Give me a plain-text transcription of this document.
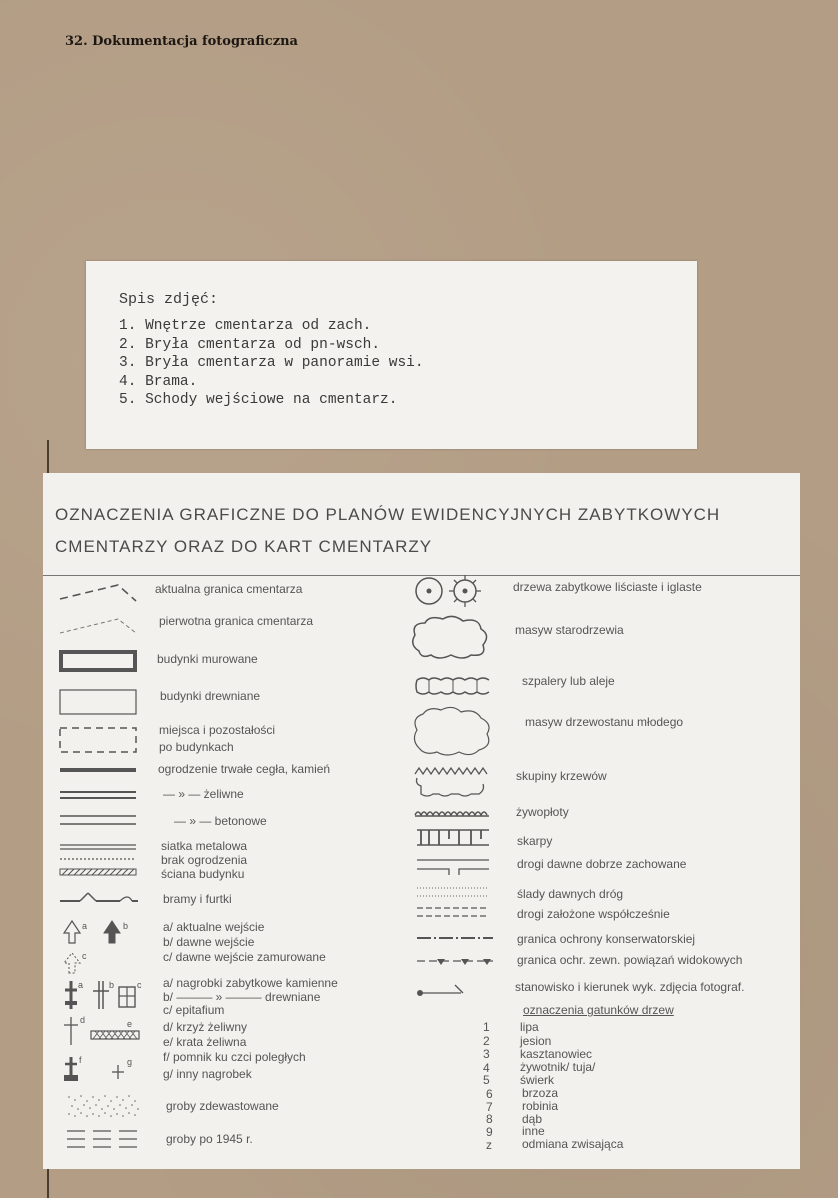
32. Dokumentacja fotograficzna
Spis zdjęć:
1. Wnętrze cmentarza od zach.
2. Bryła cmentarza od pn-wsch.
3. Bryła cmentarza w panoramie wsi.
4. Brama.
5. Schody wejściowe na cmentarz.
OZNACZENIA GRAFICZNE DO PLANÓW EWIDENCYJNYCH ZABYTKOWYCH
CMENTARZY ORAZ DO KART CMENTARZY
a	b
c
a	b	c
d	e
f	g
aktualna granica cmentarza
pierwotna granica cmentarza
budynki murowane
budynki drewniane
miejsca i pozostałości
po budynkach
ogrodzenie trwałe cegła, kamień
— » — żeliwne
— » — betonowe
siatka metalowa
brak ogrodzenia
ściana budynku
bramy i furtki
a/ aktualne wejście
b/ dawne wejście
c/ dawne wejście zamurowane
a/ nagrobki zabytkowe kamienne
b/ ——— » ——— drewniane
c/ epitafium
d/ krzyż żeliwny
e/ krata żeliwna
f/ pomnik ku czci poległych
g/ inny nagrobek
groby zdewastowane
groby po 1945 r.
drzewa zabytkowe liściaste i iglaste
masyw starodrzewia
szpalery lub aleje
masyw drzewostanu młodego
skupiny krzewów
żywopłoty
skarpy
drogi dawne dobrze zachowane
ślady dawnych dróg
drogi założone współcześnie
granica ochrony konserwatorskiej
granica ochr. zewn. powiązań widokowych
stanowisko i kierunek wyk. zdjęcia fotograf.
oznaczenia gatunków drzew
1	lipa
2	jesion
3	kasztanowiec
4	żywotnik/ tuja/
5	świerk
6 brzoza
7 robinia
8 dąb
9 inne
z	odmiana zwisająca
